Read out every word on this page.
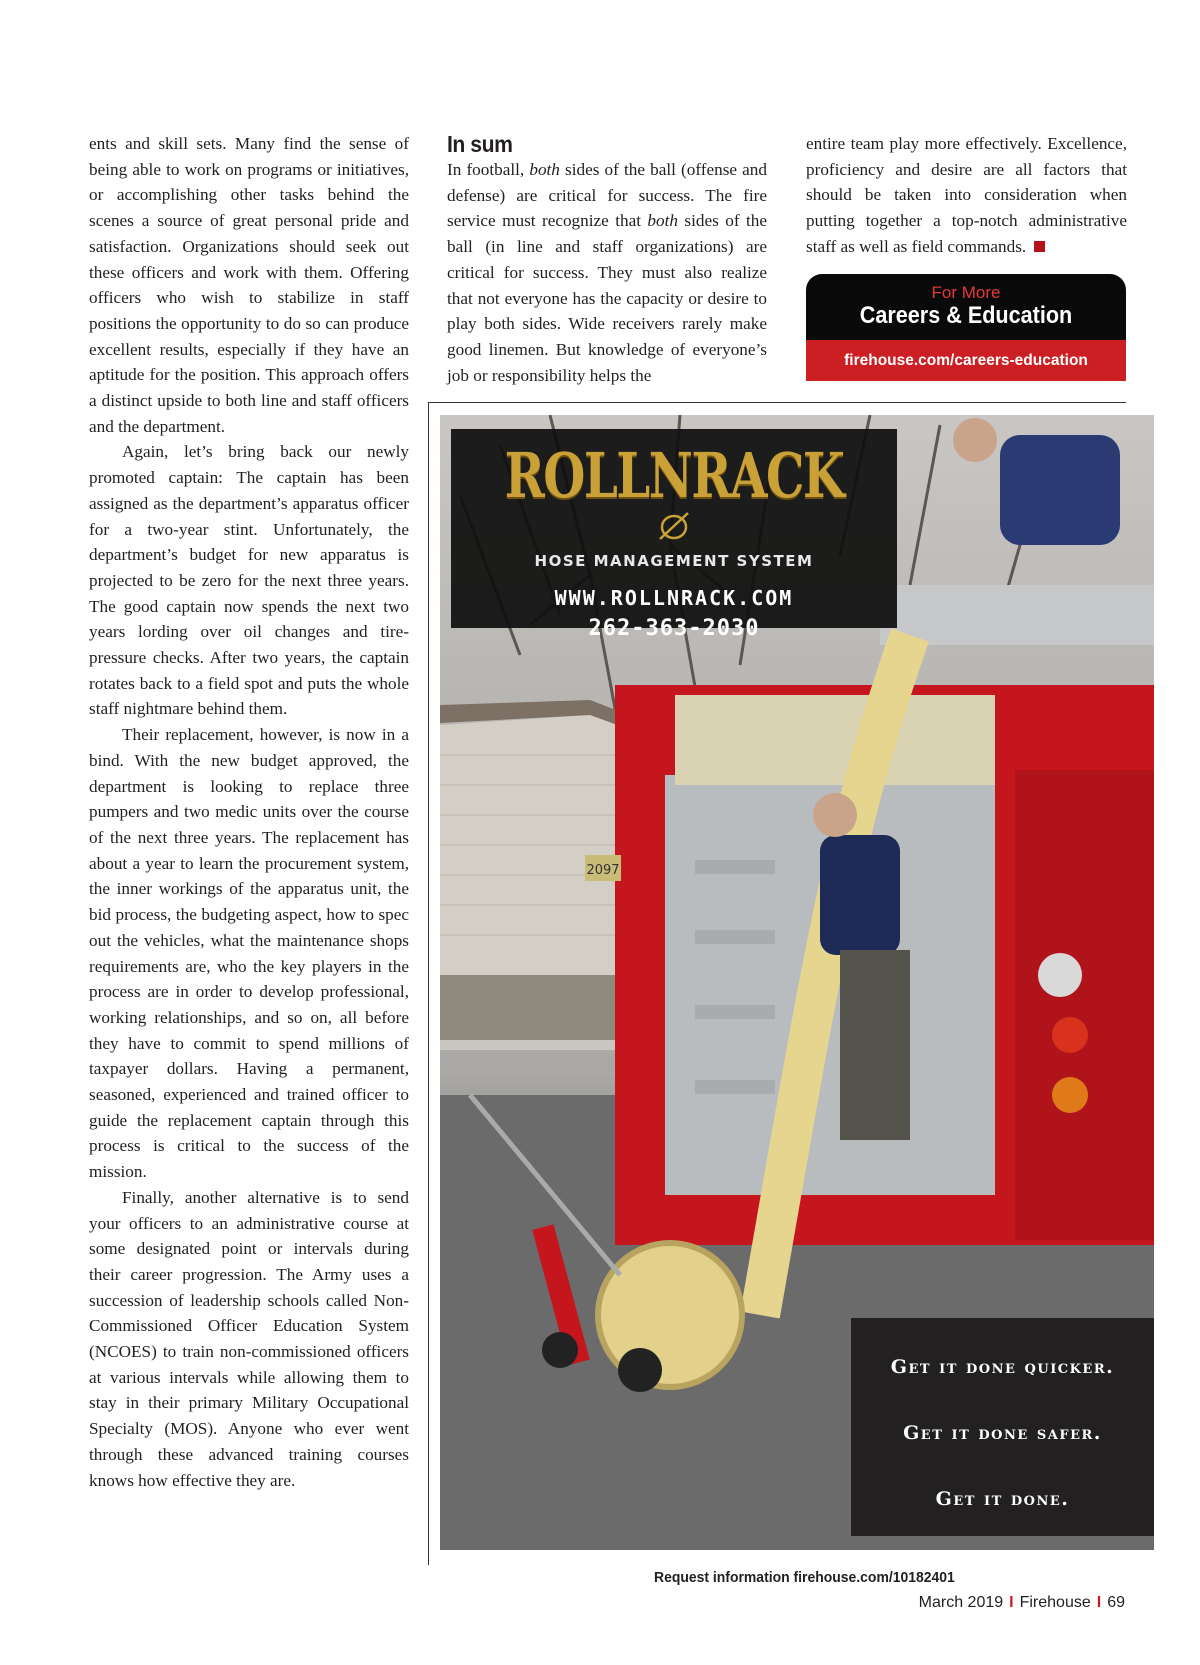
ents and skill sets. Many find the sense of being able to work on programs or initiatives, or accomplishing other tasks behind the scenes a source of great personal pride and satisfaction. Organizations should seek out these officers and work with them. Offering officers who wish to stabilize in staff positions the opportunity to do so can produce excellent results, especially if they have an aptitude for the position. This approach offers a distinct upside to both line and staff officers and the department.

Again, let’s bring back our newly promoted captain: The captain has been assigned as the department’s apparatus officer for a two-year stint. Unfortunately, the department’s budget for new apparatus is projected to be zero for the next three years. The good captain now spends the next two years lording over oil changes and tire-pressure checks. After two years, the captain rotates back to a field spot and puts the whole staff nightmare behind them.

Their replacement, however, is now in a bind. With the new budget approved, the department is looking to replace three pumpers and two medic units over the course of the next three years. The replacement has about a year to learn the procurement system, the inner workings of the apparatus unit, the bid process, the budgeting aspect, how to spec out the vehicles, what the maintenance shops requirements are, who the key players in the process are in order to develop professional, working relationships, and so on, all before they have to commit to spend millions of taxpayer dollars. Having a permanent, seasoned, experienced and trained officer to guide the replacement captain through this process is critical to the success of the mission.

Finally, another alternative is to send your officers to an administrative course at some designated point or intervals during their career progression. The Army uses a succession of leadership schools called Non-Commissioned Officer Education System (NCOES) to train non-commissioned officers at various intervals while allowing them to stay in their primary Military Occupational Specialty (MOS). Anyone who ever went through these advanced training courses knows how effective they are.

In sum

In football, both sides of the ball (offense and defense) are critical for success. The fire service must recognize that both sides of the ball (in line and staff organizations) are critical for success. They must also realize that not everyone has the capacity or desire to play both sides. Wide receivers rarely make good linemen. But knowledge of everyone’s job or responsibility helps the

entire team play more effectively. Excellence, proficiency and desire are all factors that should be taken into consideration when putting together a top-notch administrative staff as well as field commands.

For More
Careers & Education
firehouse.com/careers-education
2097
ROLLNRACK
HOSE MANAGEMENT SYSTEM
WWW.ROLLNRACK.COM
262-363-2030
Get it done quicker.
Get it done safer.
Get it done.
Request information firehouse.com/10182401
March 2019 I Firehouse I 69
